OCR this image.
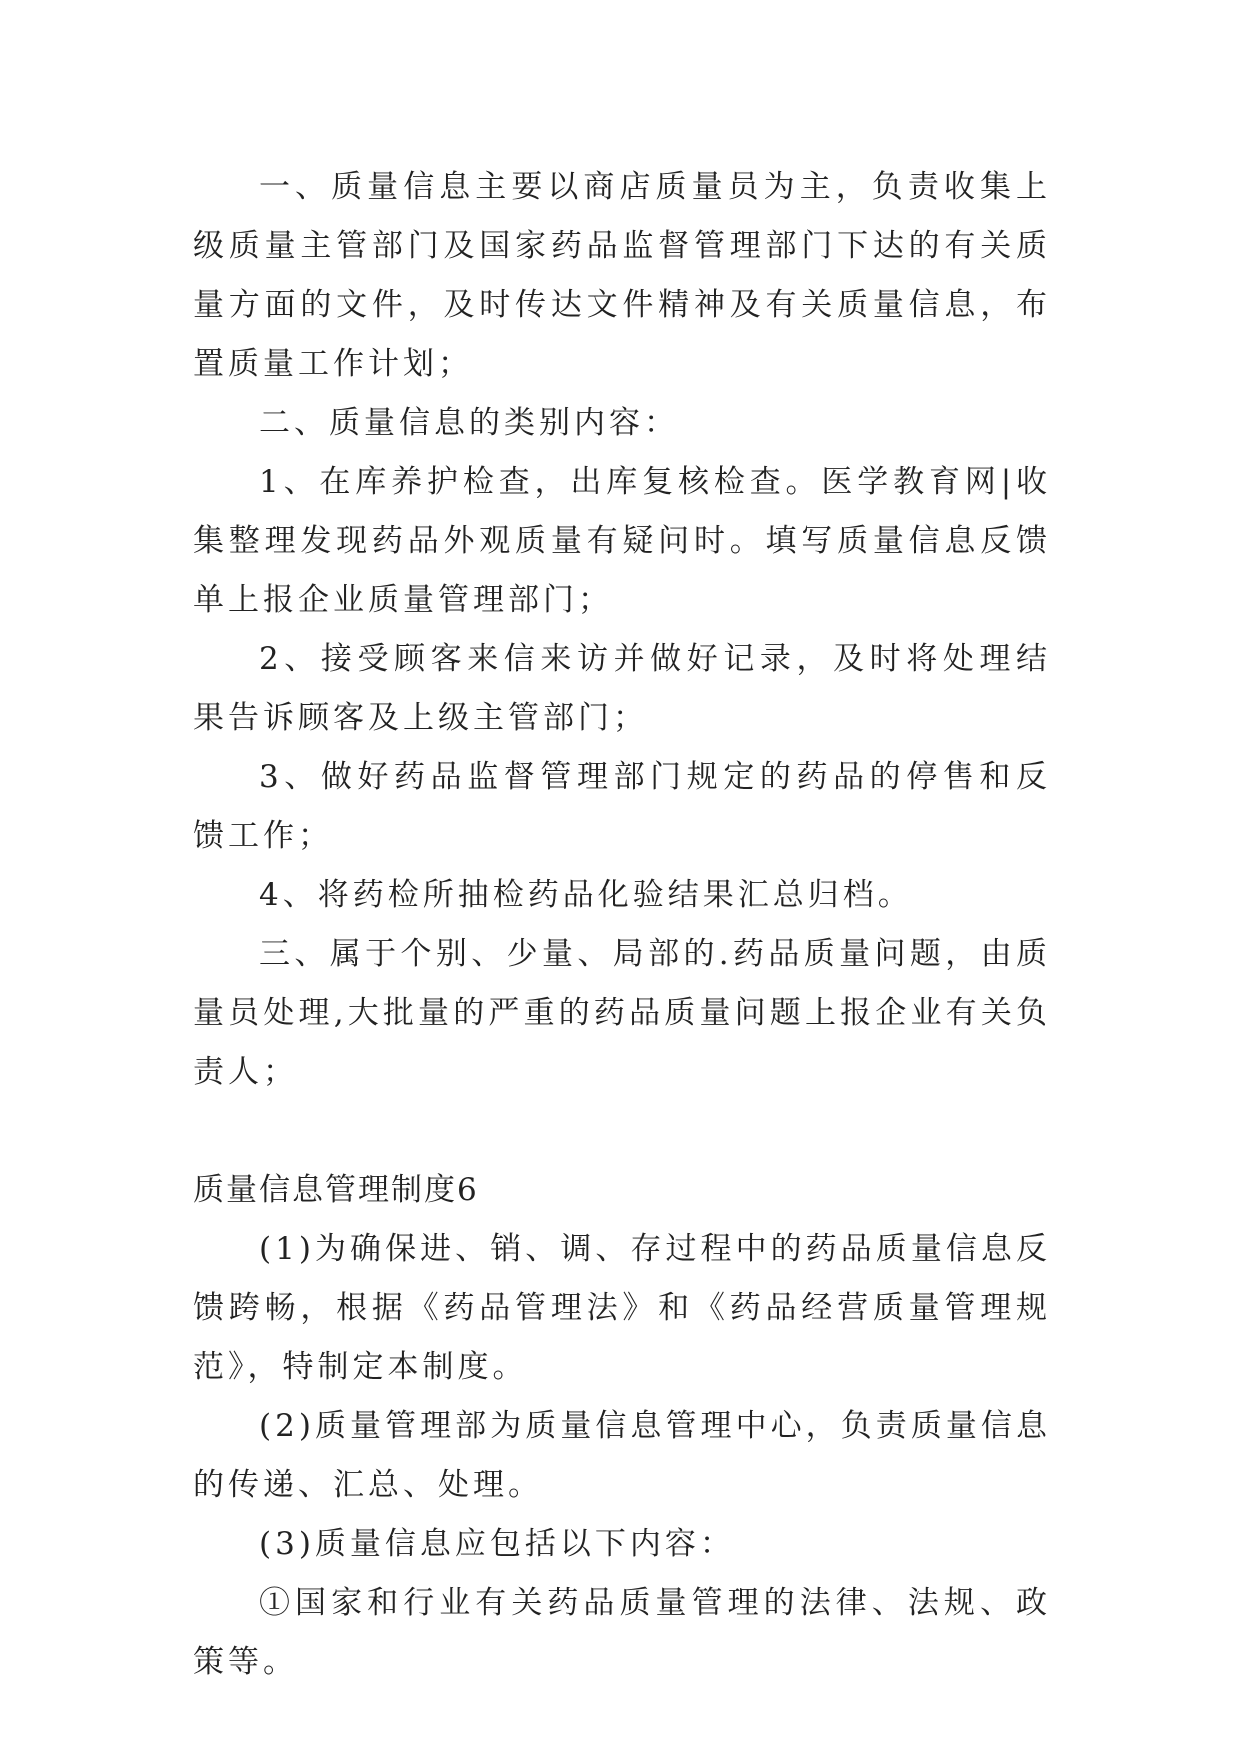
一、质量信息主要以商店质量员为主，负责收集上级质量主管部门及国家药品监督管理部门下达的有关质量方面的文件，及时传达文件精神及有关质量信息，布置质量工作计划；

二、质量信息的类别内容：

1、在库养护检查，出库复核检查。医学教育网|收集整理发现药品外观质量有疑问时。填写质量信息反馈单上报企业质量管理部门；

2、接受顾客来信来访并做好记录，及时将处理结果告诉顾客及上级主管部门；

3、做好药品监督管理部门规定的药品的停售和反馈工作；

4、将药检所抽检药品化验结果汇总归档。

三、属于个别、少量、局部的.药品质量问题，由质量员处理,大批量的严重的药品质量问题上报企业有关负责人；

质量信息管理制度6

(1)为确保进、销、调、存过程中的药品质量信息反馈跨畅，根据《药品管理法》和《药品经营质量管理规范》，特制定本制度。

(2)质量管理部为质量信息管理中心，负责质量信息的传递、汇总、处理。

(3)质量信息应包括以下内容：

①国家和行业有关药品质量管理的法律、法规、政策等。
